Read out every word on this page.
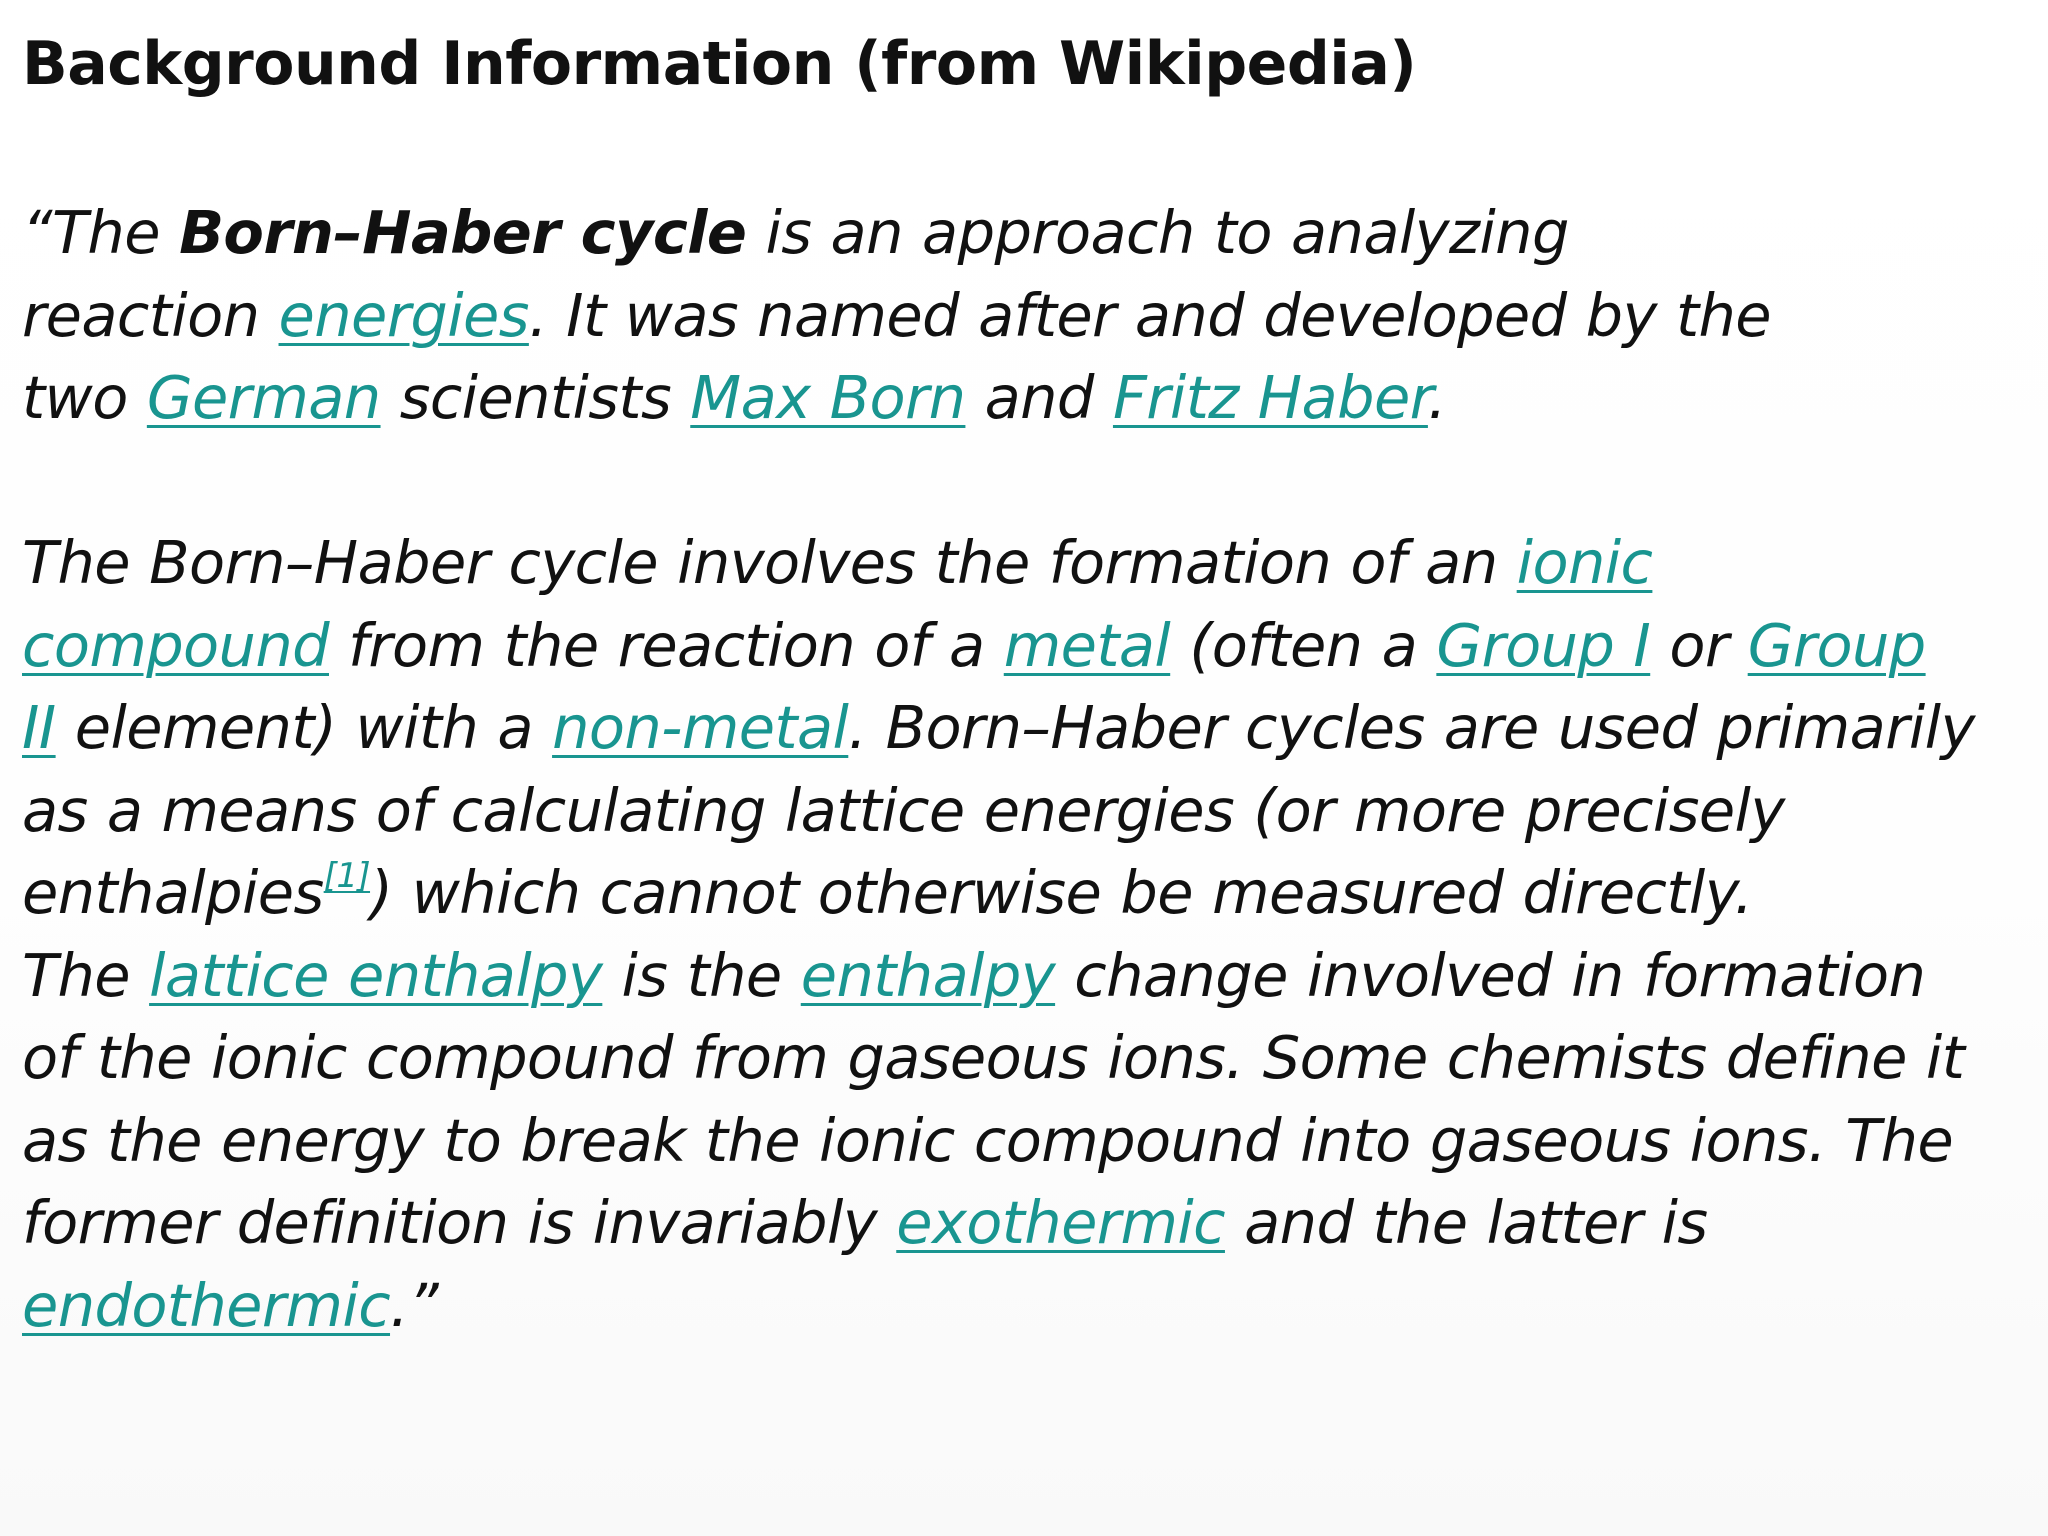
Background Information (from Wikipedia)
“The Born–Haber cycle is an approach to analyzing
reaction energies. It was named after and developed by the
two German scientists Max Born and Fritz Haber.
The Born–Haber cycle involves the formation of an ionic
compound from the reaction of a metal (often a Group I or Group
II element) with a non-metal. Born–Haber cycles are used primarily
as a means of calculating lattice energies (or more precisely
enthalpies[1]) which cannot otherwise be measured directly.
The lattice enthalpy is the enthalpy change involved in formation
of the ionic compound from gaseous ions. Some chemists define it
as the energy to break the ionic compound into gaseous ions. The
former definition is invariably exothermic and the latter is
endothermic.”
